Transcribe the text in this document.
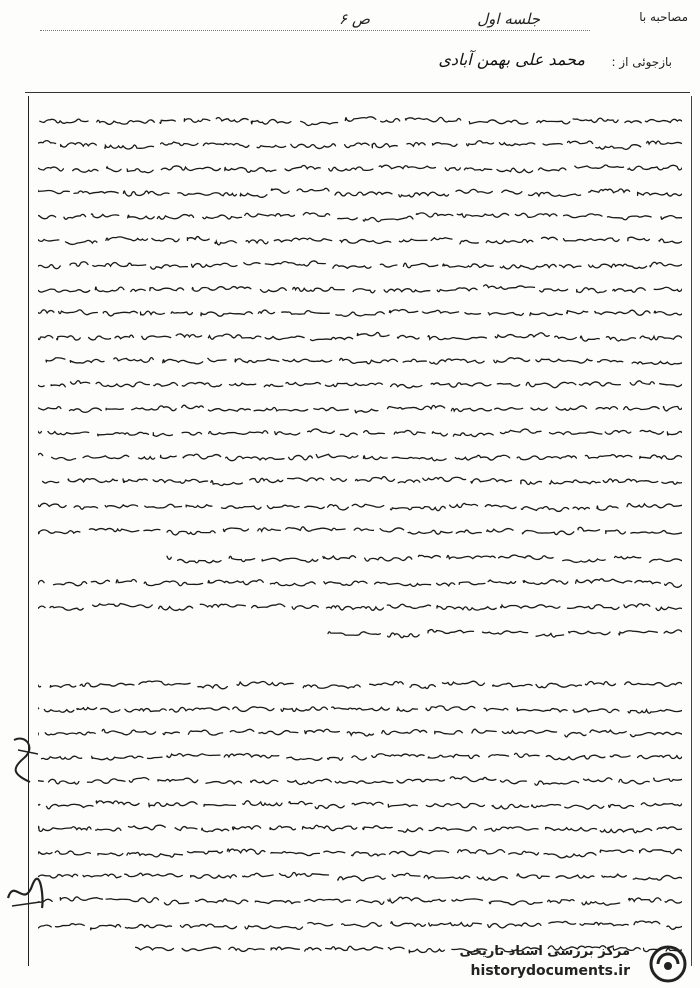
مصاحبه با
جلسه اول
ص ۶
بازجوئی از :
محمد علی بهمن آبادی
مرکز بررسی اسناد تاریخی
historydocuments.ir
